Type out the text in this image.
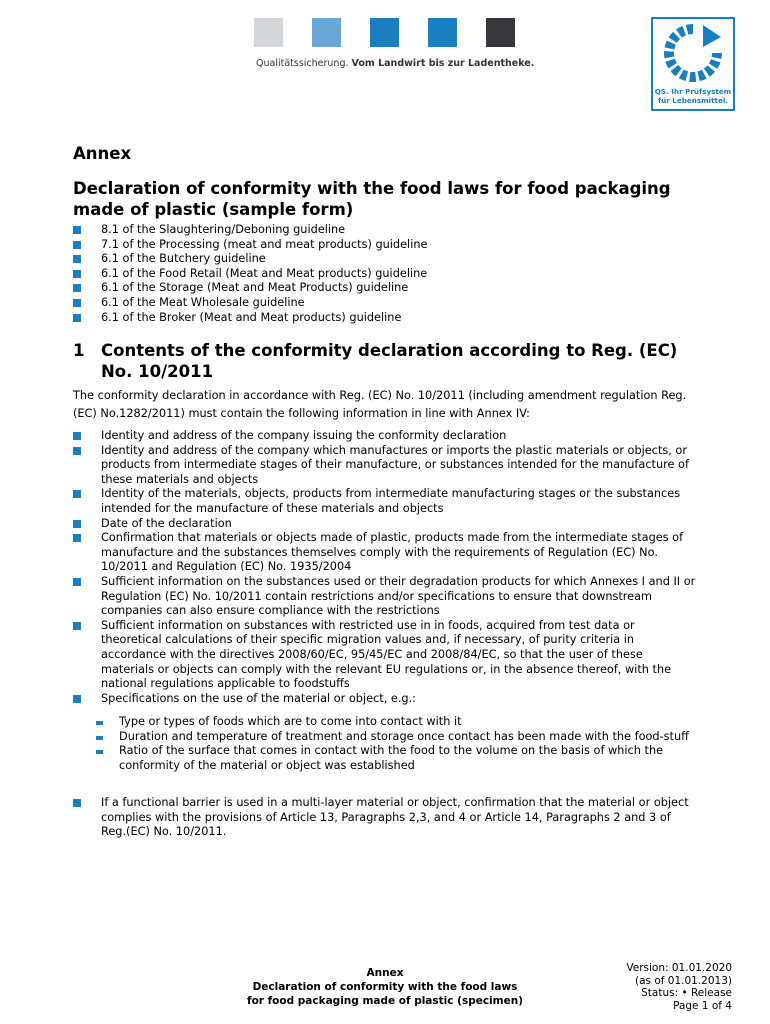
Qualitätssicherung. Vom Landwirt bis zur Ladentheke.
QS. Ihr Prüfsystem
für Lebensmittel.
Annex
Declaration of conformity with the food laws for food packaging made of plastic (sample form)
8.1 of the Slaughtering/Deboning guideline
7.1 of the Processing (meat and meat products) guideline
6.1 of the Butchery guideline
6.1 of the Food Retail (Meat and Meat products) guideline
6.1 of the Storage (Meat and Meat Products) guideline
6.1 of the Meat Wholesale guideline
6.1 of the Broker (Meat and Meat products) guideline
1	Contents of the conformity declaration according to Reg. (EC) No. 10/2011

The conformity declaration in accordance with Reg. (EC) No. 10/2011 (including amendment regulation Reg. (EC) No.1282/2011) must contain the following information in line with Annex IV:

Identity and address of the company issuing the conformity declaration
Identity and address of the company which manufactures or imports the plastic materials or objects, or products from intermediate stages of their manufacture, or substances intended for the manufacture of these materials and objects
Identity of the materials, objects, products from intermediate manufacturing stages or the substances intended for the manufacture of these materials and objects
Date of the declaration
Confirmation that materials or objects made of plastic, products made from the intermediate stages of manufacture and the substances themselves comply with the requirements of Regulation (EC) No. 10/2011 and Regulation (EC) No. 1935/2004
Sufficient information on the substances used or their degradation products for which Annexes I and II or Regulation (EC) No. 10/2011 contain restrictions and/or specifications to ensure that downstream companies can also ensure compliance with the restrictions
Sufficient information on substances with restricted use in in foods, acquired from test data or theoretical calculations of their specific migration values and, if necessary, of purity criteria in accordance with the directives 2008/60/EC, 95/45/EC and 2008/84/EC, so that the user of these materials or objects can comply with the relevant EU regulations or, in the absence thereof, with the national regulations applicable to foodstuffs
Specifications on the use of the material or object, e.g.:
Type or types of foods which are to come into contact with it
Duration and temperature of treatment and storage once contact has been made with the food-stuff
Ratio of the surface that comes in contact with the food to the volume on the basis of which the conformity of the material or object was established
If a functional barrier is used in a multi-layer material or object, confirmation that the material or object complies with the provisions of Article 13, Paragraphs 2,3, and 4 or Article 14, Paragraphs 2 and 3 of Reg.(EC) No. 10/2011.
Annex
Declaration of conformity with the food laws
for food packaging made of plastic (specimen)
Version: 01.01.2020
(as of 01.01.2013)
Status: • Release
Page 1 of 4
